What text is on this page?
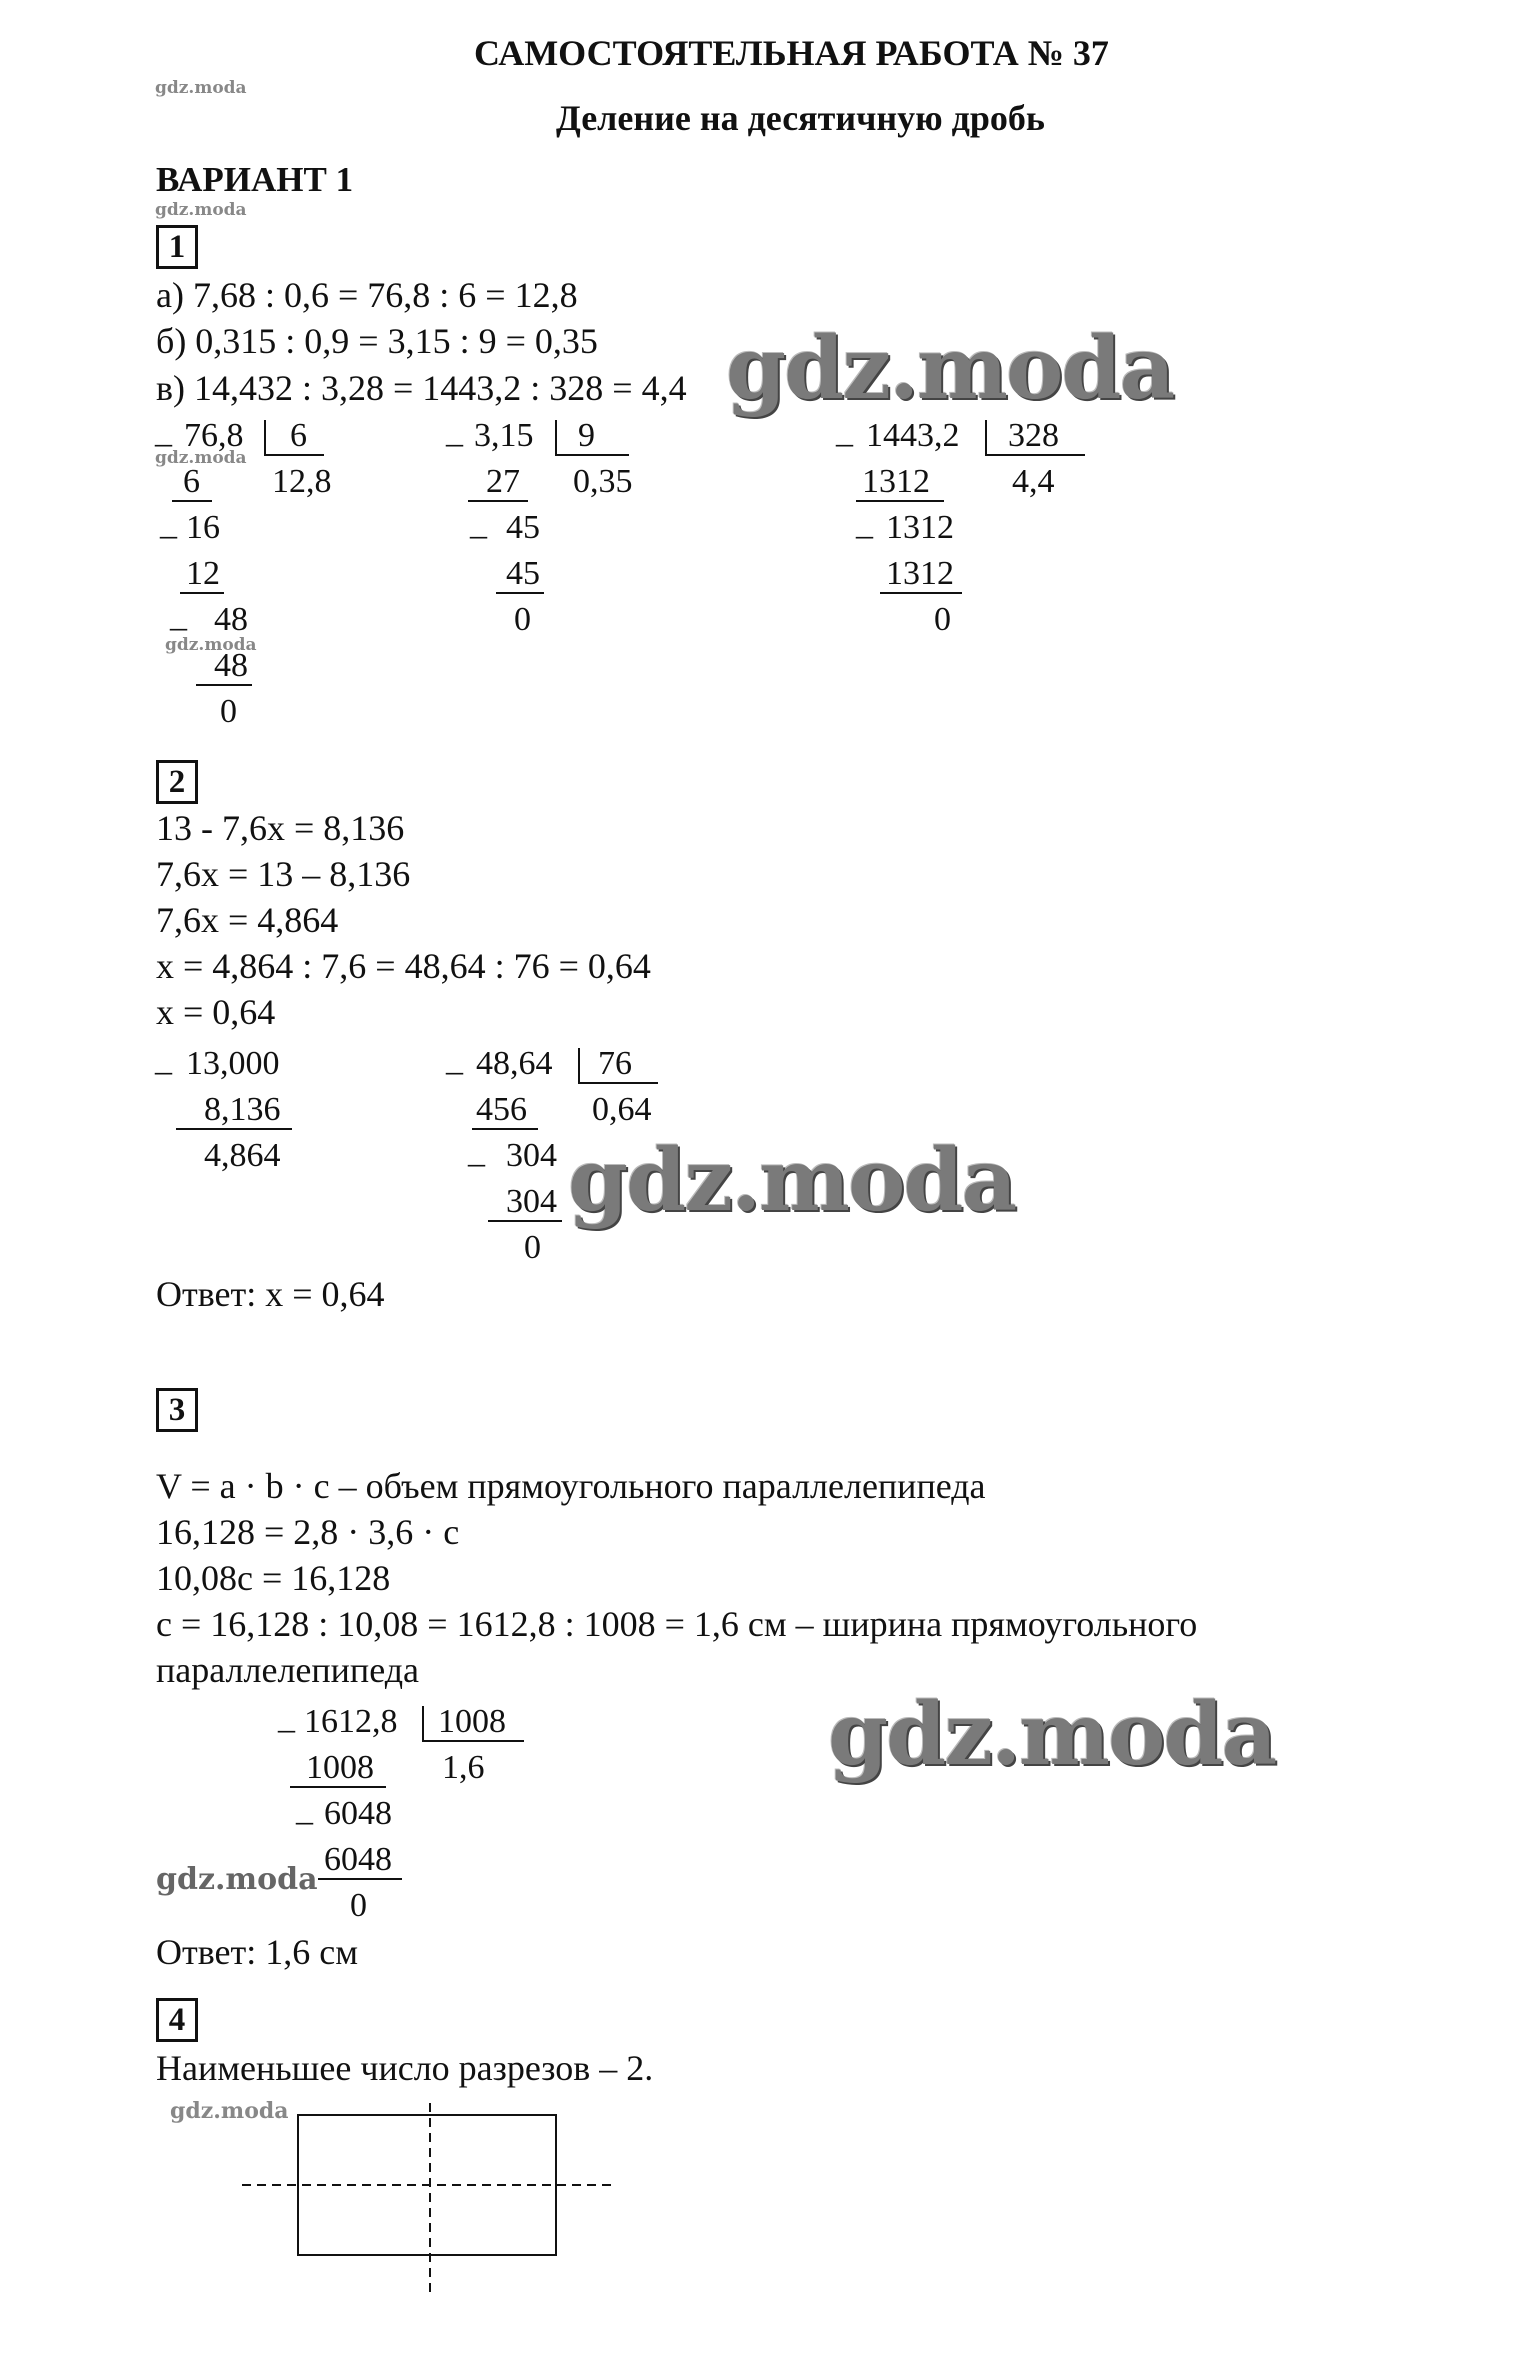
САМОСТОЯТЕЛЬНАЯ РАБОТА № 37
Деление на десятичную дробь
ВАРИАНТ 1
gdz.moda
gdz.moda
gdz.moda
gdz.moda
1
а) 7,68 : 0,6 = 76,8 : 6 = 12,8
б) 0,315 : 0,9 = 3,15 : 9 = 0,35
в) 14,432 : 3,28 = 1443,2 : 328 = 4,4 gdz.moda
_ 76,8 6
12,8
6
_ 16
12
_ 48
48
0
_ 3,15 9
0,35
27
_ 45
45
0
_ 1443,2 328
4,4
1312
_ 1312
1312
0
2
13 - 7,6x = 8,136
7,6x = 13 – 8,136
7,6x = 4,864
x = 4,864 : 7,6 = 48,64 : 76 = 0,64
x = 0,64
_ 13,000
8,136
4,864
_ 48,64 76
0,64
456
_ 304
304
0
gdz.moda
Ответ: x = 0,64
3
V = a · b · c – объем прямоугольного параллелепипеда
16,128 = 2,8 · 3,6 · c
10,08c = 16,128
c = 16,128 : 10,08 = 1612,8 : 1008 = 1,6 см – ширина прямоугольного
параллелепипеда
_ 1612,8 1008
1,6
1008
_ 6048
6048
0
gdz.moda
gdz.moda
Ответ: 1,6 см
4
Наименьшее число разрезов – 2.
gdz.moda
